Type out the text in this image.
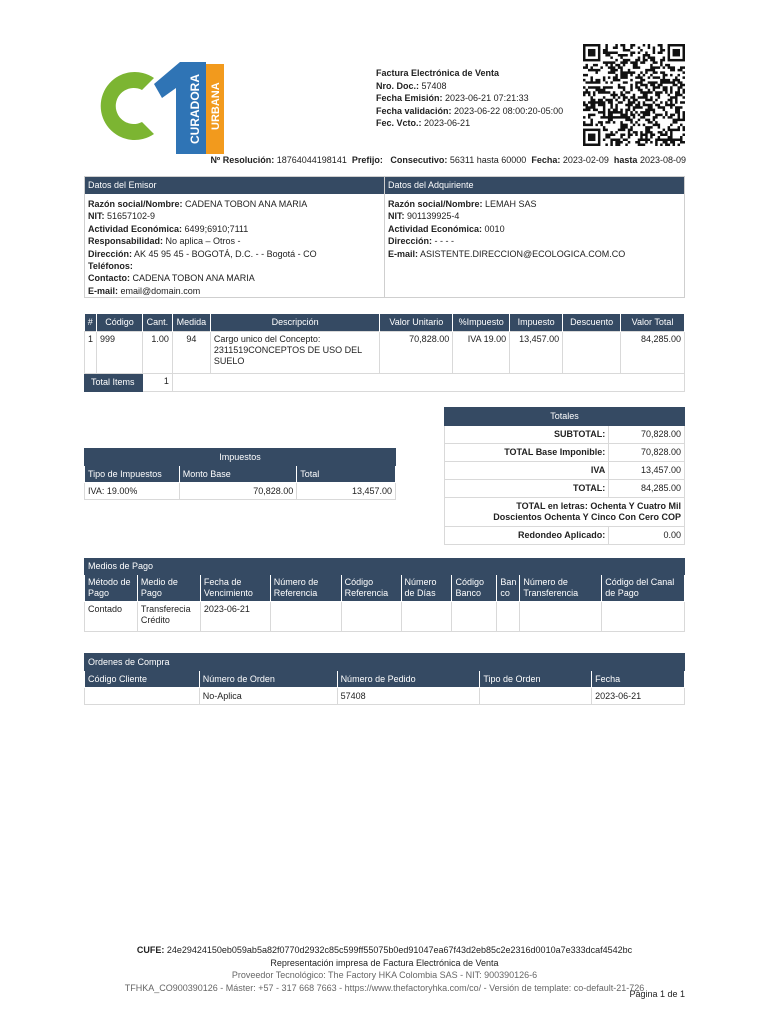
CURADORA URBANA
Factura Electrónica de Venta
Nro. Doc.: 57408
Fecha Emisión: 2023-06-21 07:21:33
Fecha validación: 2023-06-22 08:00:20-05:00
Fec. Vcto.: 2023-06-21
Nº Resolución: 18764044198141 Prefijo: Consecutivo: 56311 hasta 60000 Fecha: 2023-02-09 hasta 2023-08-09
Datos del Emisor
Razón social/Nombre: CADENA TOBON ANA MARIA
NIT: 51657102-9
Actividad Económica: 6499;6910;7111
Responsabilidad: No aplica – Otros -
Dirección: AK 45 95 45 - BOGOTÁ, D.C. - - Bogotá - CO
Teléfonos:
Contacto: CADENA TOBON ANA MARIA
E-mail: email@domain.com
Datos del Adquiriente
Razón social/Nombre: LEMAH SAS
NIT: 901139925-4
Actividad Económica: 0010
Dirección: - - - -
E-mail: ASISTENTE.DIRECCION@ECOLOGICA.COM.CO
#	Código	Cant.	Medida	Descripción	Valor Unitario	%Impuesto	Impuesto	Descuento	Valor Total
1	999	1.00	94	Cargo unico del Concepto: 2311519CONCEPTOS DE USO DEL SUELO	70,828.00	IVA 19.00	13,457.00		84,285.00
Total Items		1							
Totales	
SUBTOTAL:	70,828.00
TOTAL Base Imponible:	70,828.00
IVA	13,457.00
TOTAL:	84,285.00
TOTAL en letras: Ochenta Y Cuatro Mil Doscientos Ochenta Y Cinco Con Cero COP	
Redondeo Aplicado:	0.00
Impuestos		
Tipo de Impuestos	Monto Base	Total
IVA: 19.00%	70,828.00	13,457.00
Medios de Pago									
Método de Pago	Medio de Pago	Fecha de Vencimiento	Número de Referencia	Código Referencia	Número de Días	Código Banco	Ban co	Número de Transferencia	Código del Canal de Pago
Contado	Transferecia Crédito	2023-06-21							
Ordenes de Compra				
Código Cliente	Número de Orden	Número de Pedido	Tipo de Orden	Fecha
	No-Aplica	57408		2023-06-21
CUFE: 24e29424150eb059ab5a82f0770d2932c85c599ff55075b0ed91047ea67f43d2eb85c2e2316d0010a7e333dcaf4542bc
Representación impresa de Factura Electrónica de Venta
Proveedor Tecnológico: The Factory HKA Colombia SAS - NIT: 900390126-6
TFHKA_CO900390126 - Máster: +57 - 317 668 7663 - https://www.thefactoryhka.com/co/ - Versión de template: co-default-21-726
Página 1 de 1
